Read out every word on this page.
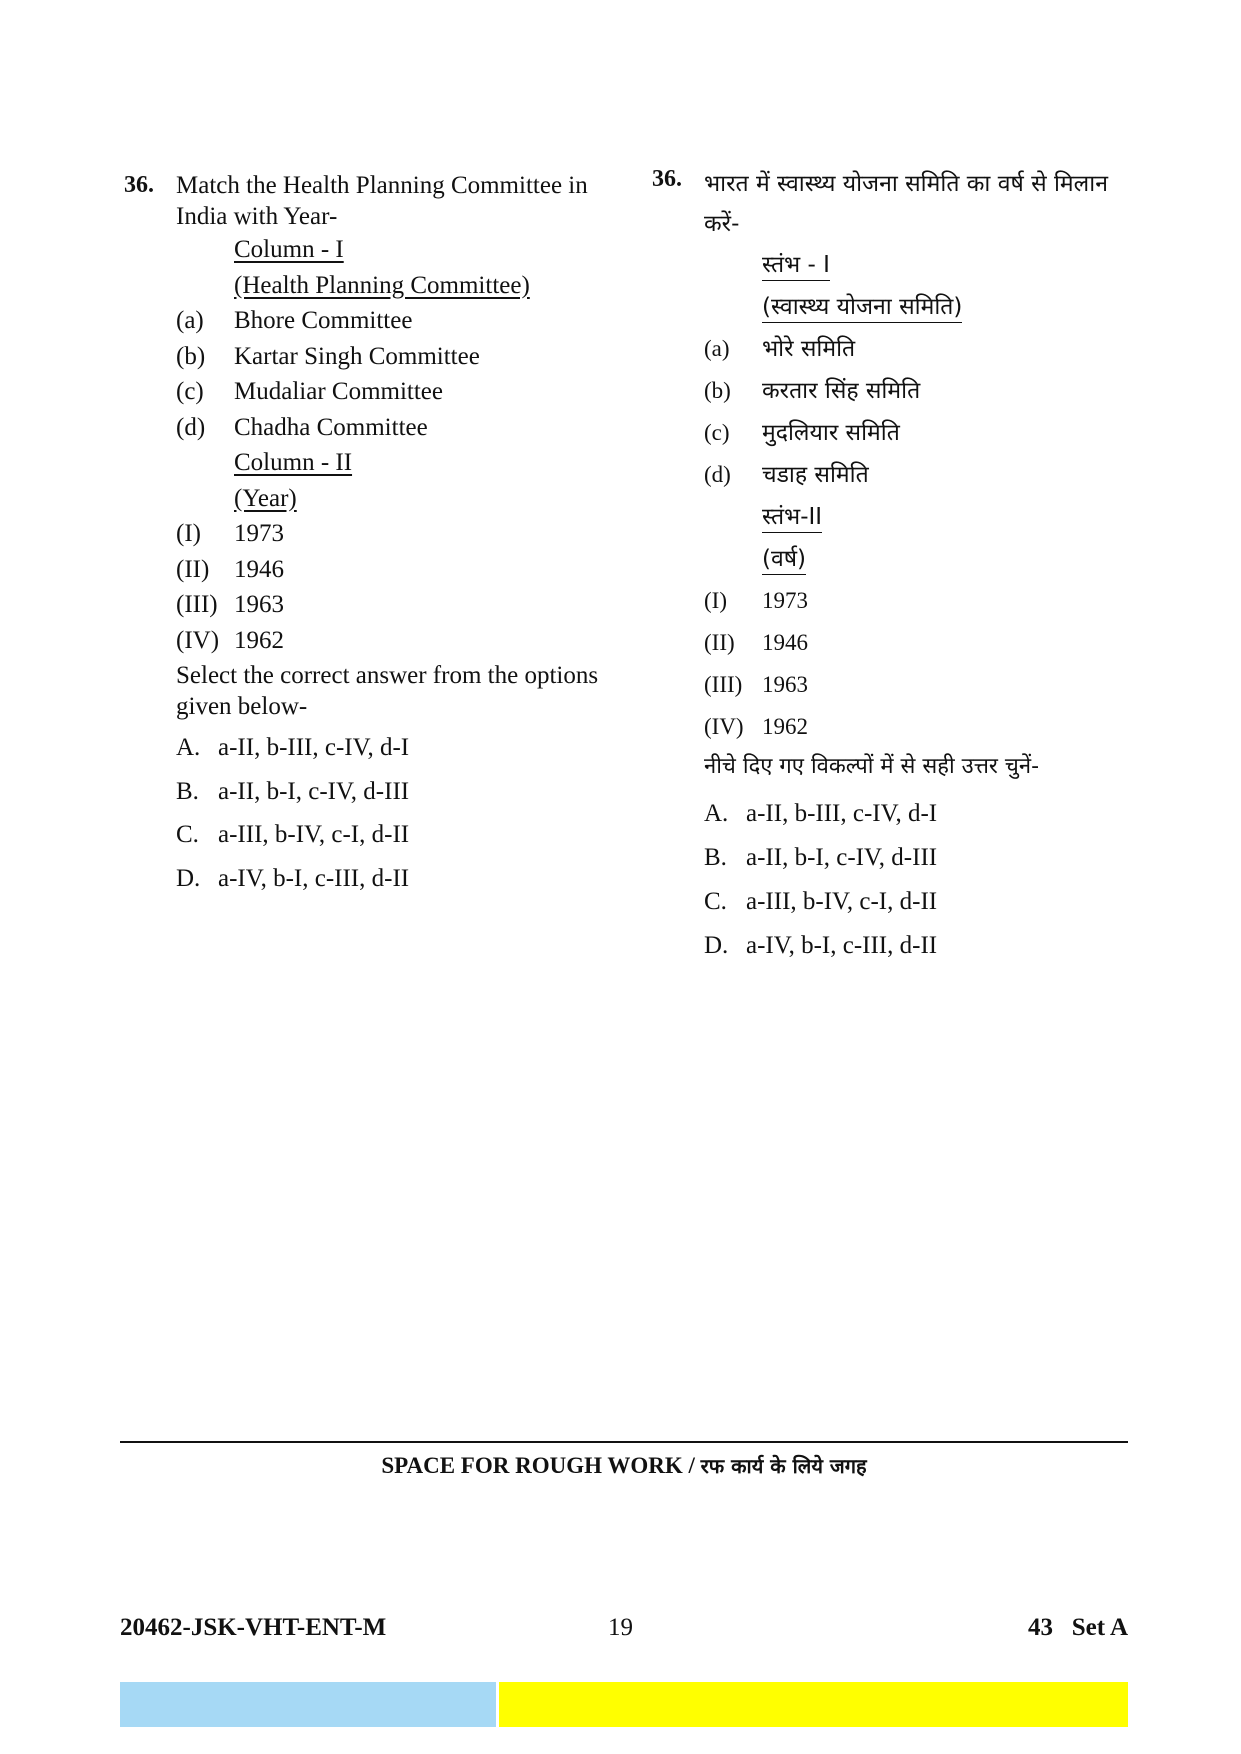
36. Match the Health Planning Committee in India with Year-
Column - I
(Health Planning Committee)
(a) Bhore Committee
(b) Kartar Singh Committee
(c) Mudaliar Committee
(d) Chadha Committee
Column - II
(Year)
(I) 1973
(II) 1946
(III) 1963
(IV) 1962
Select the correct answer from the options given below-
A. a-II, b-III, c-IV, d-I
B. a-II, b-I, c-IV, d-III
C. a-III, b-IV, c-I, d-II
D. a-IV, b-I, c-III, d-II
36. भारत में स्वास्थ्य योजना समिति का वर्ष से मिलान करें-
स्तंभ - I
(स्वास्थ्य योजना समिति)
(a) भोरे समिति
(b) करतार सिंह समिति
(c) मुदलियार समिति
(d) चडाह समिति
स्तंभ-II
(वर्ष)
(I) 1973
(II) 1946
(III) 1963
(IV) 1962
नीचे दिए गए विकल्पों में से सही उत्तर चुनें-
A. a-II, b-III, c-IV, d-I
B. a-II, b-I, c-IV, d-III
C. a-III, b-IV, c-I, d-II
D. a-IV, b-I, c-III, d-II
SPACE FOR ROUGH WORK / रफ कार्य के लिये जगह
20462-JSK-VHT-ENT-M	19	43   Set A
